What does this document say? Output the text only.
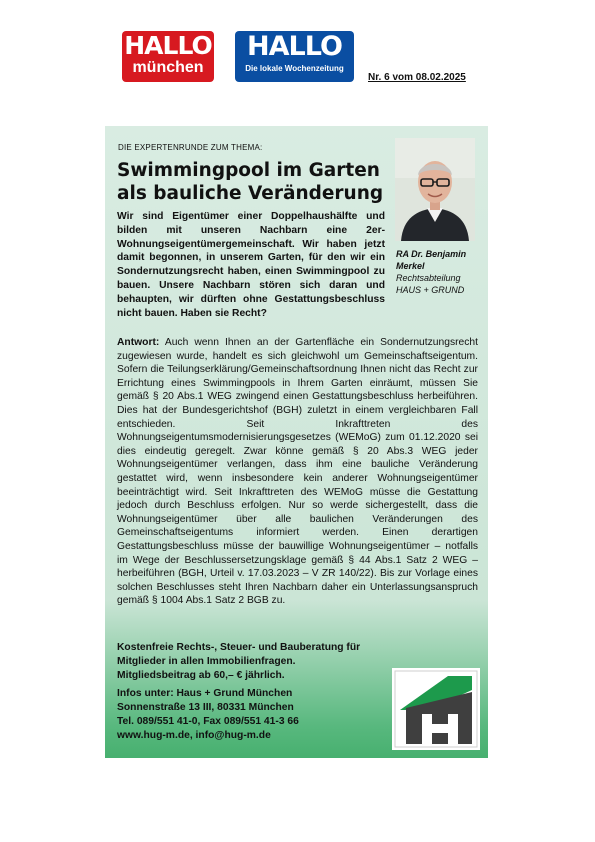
HALLO
münchen
HALLO
Die lokale Wochenzeitung
Nr. 6 vom 08.02.2025
DIE EXPERTENRUNDE ZUM THEMA:
Swimmingpool im Garten als bauliche Veränderung

Wir sind Eigentümer einer Doppelhaushälfte und bilden mit unseren Nachbarn eine 2er-Wohnungseigentümergemeinschaft. Wir haben jetzt damit begonnen, in unserem Garten, für den wir ein Sondernutzungsrecht haben, einen Swimmingpool zu bauen. Unsere Nachbarn stören sich daran und behaupten, wir dürften ohne Gestattungsbeschluss nicht bauen. Haben sie Recht?

RA Dr. Benjamin
Merkel
Rechtsabteilung
HAUS + GRUND

Antwort: Auch wenn Ihnen an der Gartenfläche ein Sondernutzungsrecht zugewiesen wurde, handelt es sich gleichwohl um Gemeinschaftseigentum. Sofern die Teilungserklärung/Gemeinschaftsordnung Ihnen nicht das Recht zur Errichtung eines Swimmingpools in Ihrem Garten einräumt, müssen Sie gemäß § 20 Abs.1 WEG zwingend einen Gestattungsbeschluss herbeiführen. Dies hat der Bundesgerichtshof (BGH) zuletzt in einem vergleichbaren Fall entschieden. Seit Inkrafttreten des Wohnungseigentumsmodernisierungsgesetzes (WEMoG) zum 01.12.2020 sei dies eindeutig geregelt. Zwar könne gemäß § 20 Abs.3 WEG jeder Wohnungseigentümer verlangen, dass ihm eine bauliche Veränderung gestattet wird, wenn insbesondere kein anderer Wohnungseigentümer beeinträchtigt wird. Seit Inkrafttreten des WEMoG müsse die Gestattung jedoch durch Beschluss erfolgen. Nur so werde sichergestellt, dass die Wohnungseigentümer über alle baulichen Veränderungen des Gemeinschaftseigentums informiert werden. Einen derartigen Gestattungsbeschluss müsse der bauwillige Wohnungseigentümer – notfalls im Wege der Beschlussersetzungsklage gemäß § 44 Abs.1 Satz 2 WEG – herbeiführen (BGH, Urteil v. 17.03.2023 – V ZR 140/22). Bis zur Vorlage eines solchen Beschlusses steht Ihren Nachbarn daher ein Unterlassungsanspruch gemäß § 1004 Abs.1 Satz 2 BGB zu.

Kostenfreie Rechts-, Steuer- und Bauberatung für Mitglieder in allen Immobilienfragen.

Mitgliedsbeitrag ab 60,– € jährlich.

Infos unter: Haus + Grund München

Sonnenstraße 13 III, 80331 München

Tel. 089/551 41-0, Fax 089/551 41-3 66

www.hug-m.de, info@hug-m.de
